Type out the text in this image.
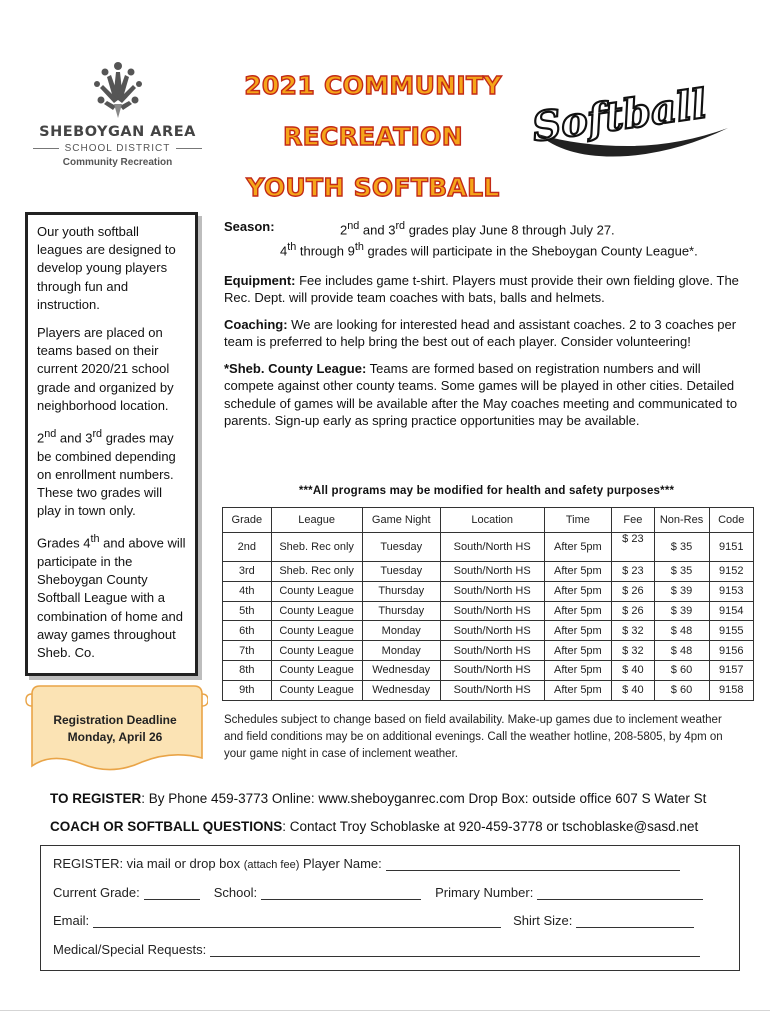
SHEBOYGAN AREA
SCHOOL DISTRICT
Community Recreation
2021 COMMUNITY
RECREATION
YOUTH SOFTBALL
Softball

Our youth softball leagues are designed to develop young players through fun and instruction.

Players are placed on teams based on their current 2020/21 school grade and organized by neighborhood location.

2nd and 3rd grades may be combined depending on enrollment numbers. These two grades will play in town only.

Grades 4th and above will participate in the Sheboygan County Softball League with a combination of home and away games throughout Sheb. Co.

Registration Deadline
Monday, April 26
Season:	2nd and 3rd grades play June 8 through July 27.
4th through 9th grades will participate in the Sheboygan County League*.
Equipment: Fee includes game t-shirt. Players must provide their own fielding glove. The Rec. Dept. will provide team coaches with bats, balls and helmets.
Coaching: We are looking for interested head and assistant coaches. 2 to 3 coaches per team is preferred to help bring the best out of each player. Consider volunteering!
*Sheb. County League: Teams are formed based on registration numbers and will compete against other county teams. Some games will be played in other cities. Detailed schedule of games will be available after the May coaches meeting and communicated to parents. Sign-up early as spring practice opportunities may be available.
***All programs may be modified for health and safety purposes***
Grade	League	Game Night	Location	Time	Fee	Non-Res	Code
2nd	Sheb. Rec only	Tuesday	South/North HS	After 5pm	$ 23	$ 35	9151
3rd	Sheb. Rec only	Tuesday	South/North HS	After 5pm	$ 23	$ 35	9152
4th	County League	Thursday	South/North HS	After 5pm	$ 26	$ 39	9153
5th	County League	Thursday	South/North HS	After 5pm	$ 26	$ 39	9154
6th	County League	Monday	South/North HS	After 5pm	$ 32	$ 48	9155
7th	County League	Monday	South/North HS	After 5pm	$ 32	$ 48	9156
8th	County League	Wednesday	South/North HS	After 5pm	$ 40	$ 60	9157
9th	County League	Wednesday	South/North HS	After 5pm	$ 40	$ 60	9158
Schedules subject to change based on field availability. Make-up games due to inclement weather and field conditions may be on additional evenings. Call the weather hotline, 208-5805, by 4pm on your game night in case of inclement weather.
TO REGISTER: By Phone 459-3773 Online: www.sheboyganrec.com Drop Box: outside office 607 S Water St
COACH OR SOFTBALL QUESTIONS: Contact Troy Schoblaske at 920-459-3778 or tschoblaske@sasd.net
REGISTER: via mail or drop box
(attach fee)
Player Name:
Current Grade:	School:	Primary Number:
Email:	Shirt Size:
Medical/Special Requests:
